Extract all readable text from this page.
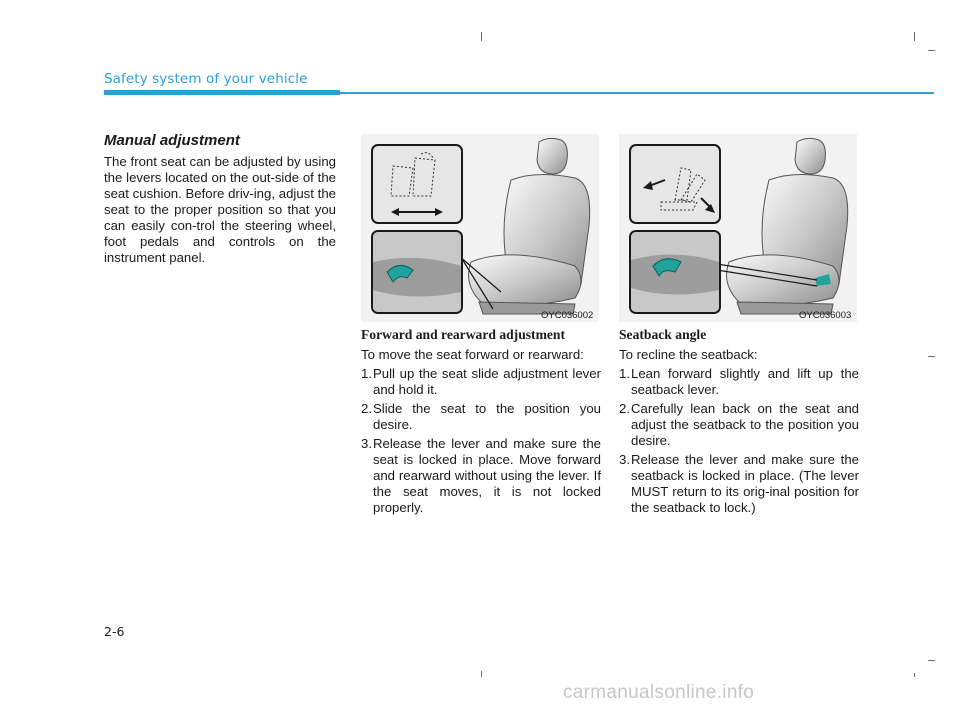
Safety system of your vehicle
Manual adjustment
The front seat can be adjusted by using the levers located on the out-side of the seat cushion. Before driv-ing, adjust the seat to the proper position so that you can easily con-trol the steering wheel, foot pedals and controls on the instrument panel.
OYC036002	OYC036003
Forward and rearward adjustment
To move the seat forward or rearward:
1. Pull up the seat slide adjustment lever and hold it.
2. Slide the seat to the position you desire.
3. Release the lever and make sure the seat is locked in place. Move forward and rearward without using the lever. If the seat moves, it is not locked properly.
Seatback angle
To recline the seatback:
1. Lean forward slightly and lift up the seatback lever.
2. Carefully lean back on the seat and adjust the seatback to the position you desire.
3. Release the lever and make sure the seatback is locked in place. (The lever MUST return to its orig-inal position for the seatback to lock.)
2-6
carmanualsonline.info
